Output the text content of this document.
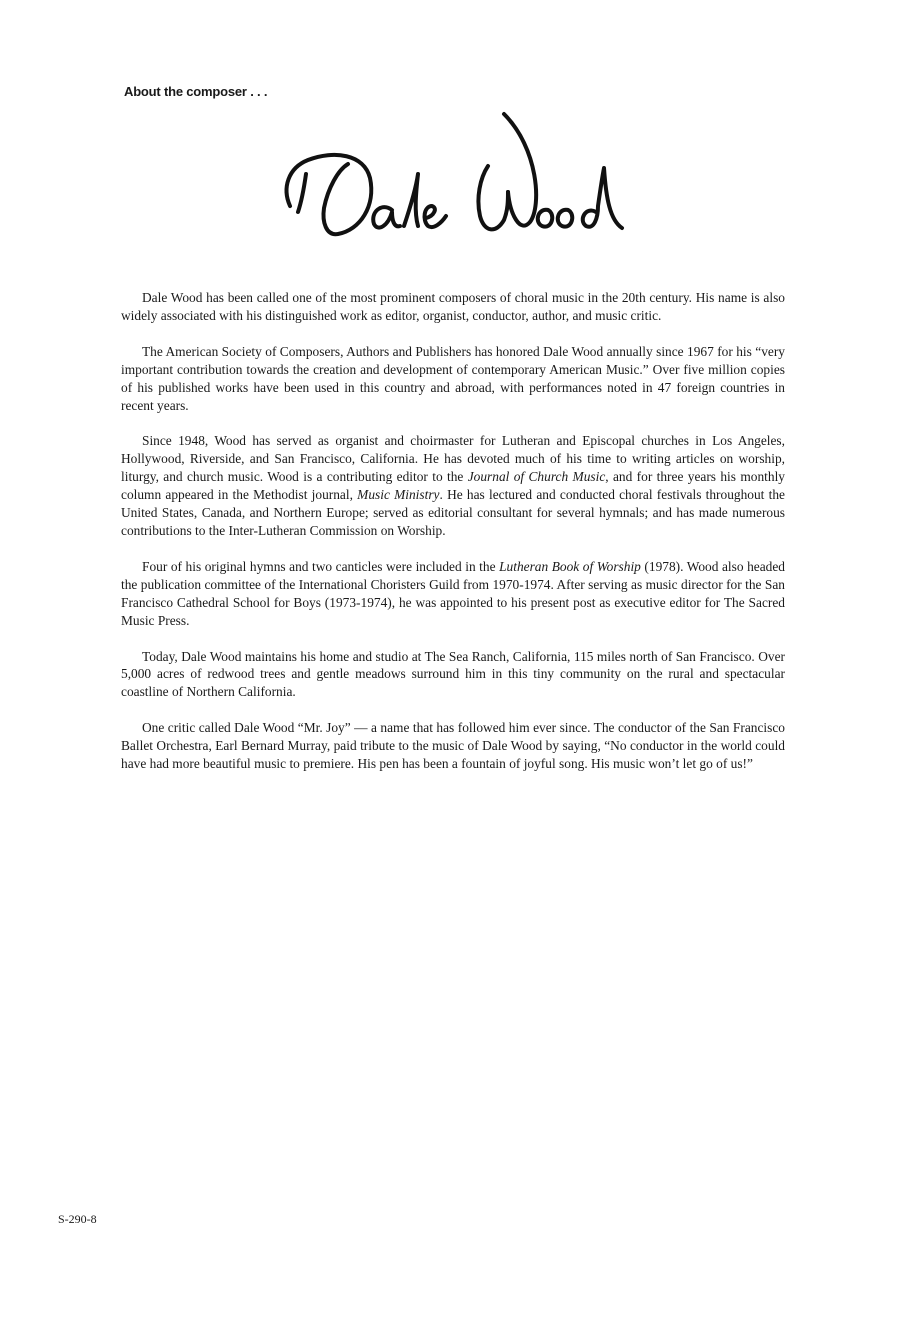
About the composer . . .

Dale Wood has been called one of the most prominent composers of choral music in the 20th century. His name is also widely associated with his distinguished work as editor, organist, conductor, author, and music critic.

The American Society of Composers, Authors and Publishers has honored Dale Wood annually since 1967 for his “very important contribution towards the creation and development of contemporary American Music.” Over five million copies of his published works have been used in this country and abroad, with performances noted in 47 foreign countries in recent years.

Since 1948, Wood has served as organist and choirmaster for Lutheran and Episcopal churches in Los Angeles, Hollywood, Riverside, and San Francisco, California. He has devoted much of his time to writing articles on worship, liturgy, and church music. Wood is a contributing editor to the Journal of Church Music, and for three years his monthly column appeared in the Methodist journal, Music Ministry. He has lectured and conducted choral festivals throughout the United States, Canada, and Northern Europe; served as editorial consultant for several hymnals; and has made numerous contributions to the Inter-Lutheran Commission on Worship.

Four of his original hymns and two canticles were included in the Lutheran Book of Worship (1978). Wood also headed the publication committee of the International Choristers Guild from 1970-1974. After serving as music director for the San Francisco Cathedral School for Boys (1973-1974), he was appointed to his present post as executive editor for The Sacred Music Press.

Today, Dale Wood maintains his home and studio at The Sea Ranch, California, 115 miles north of San Francisco. Over 5,000 acres of redwood trees and gentle meadows surround him in this tiny community on the rural and spectacular coastline of Northern California.

One critic called Dale Wood “Mr. Joy” — a name that has followed him ever since. The conductor of the San Francisco Ballet Orchestra, Earl Bernard Murray, paid tribute to the music of Dale Wood by saying, “No conductor in the world could have had more beautiful music to premiere. His pen has been a fountain of joyful song. His music won’t let go of us!”

S-290-8
